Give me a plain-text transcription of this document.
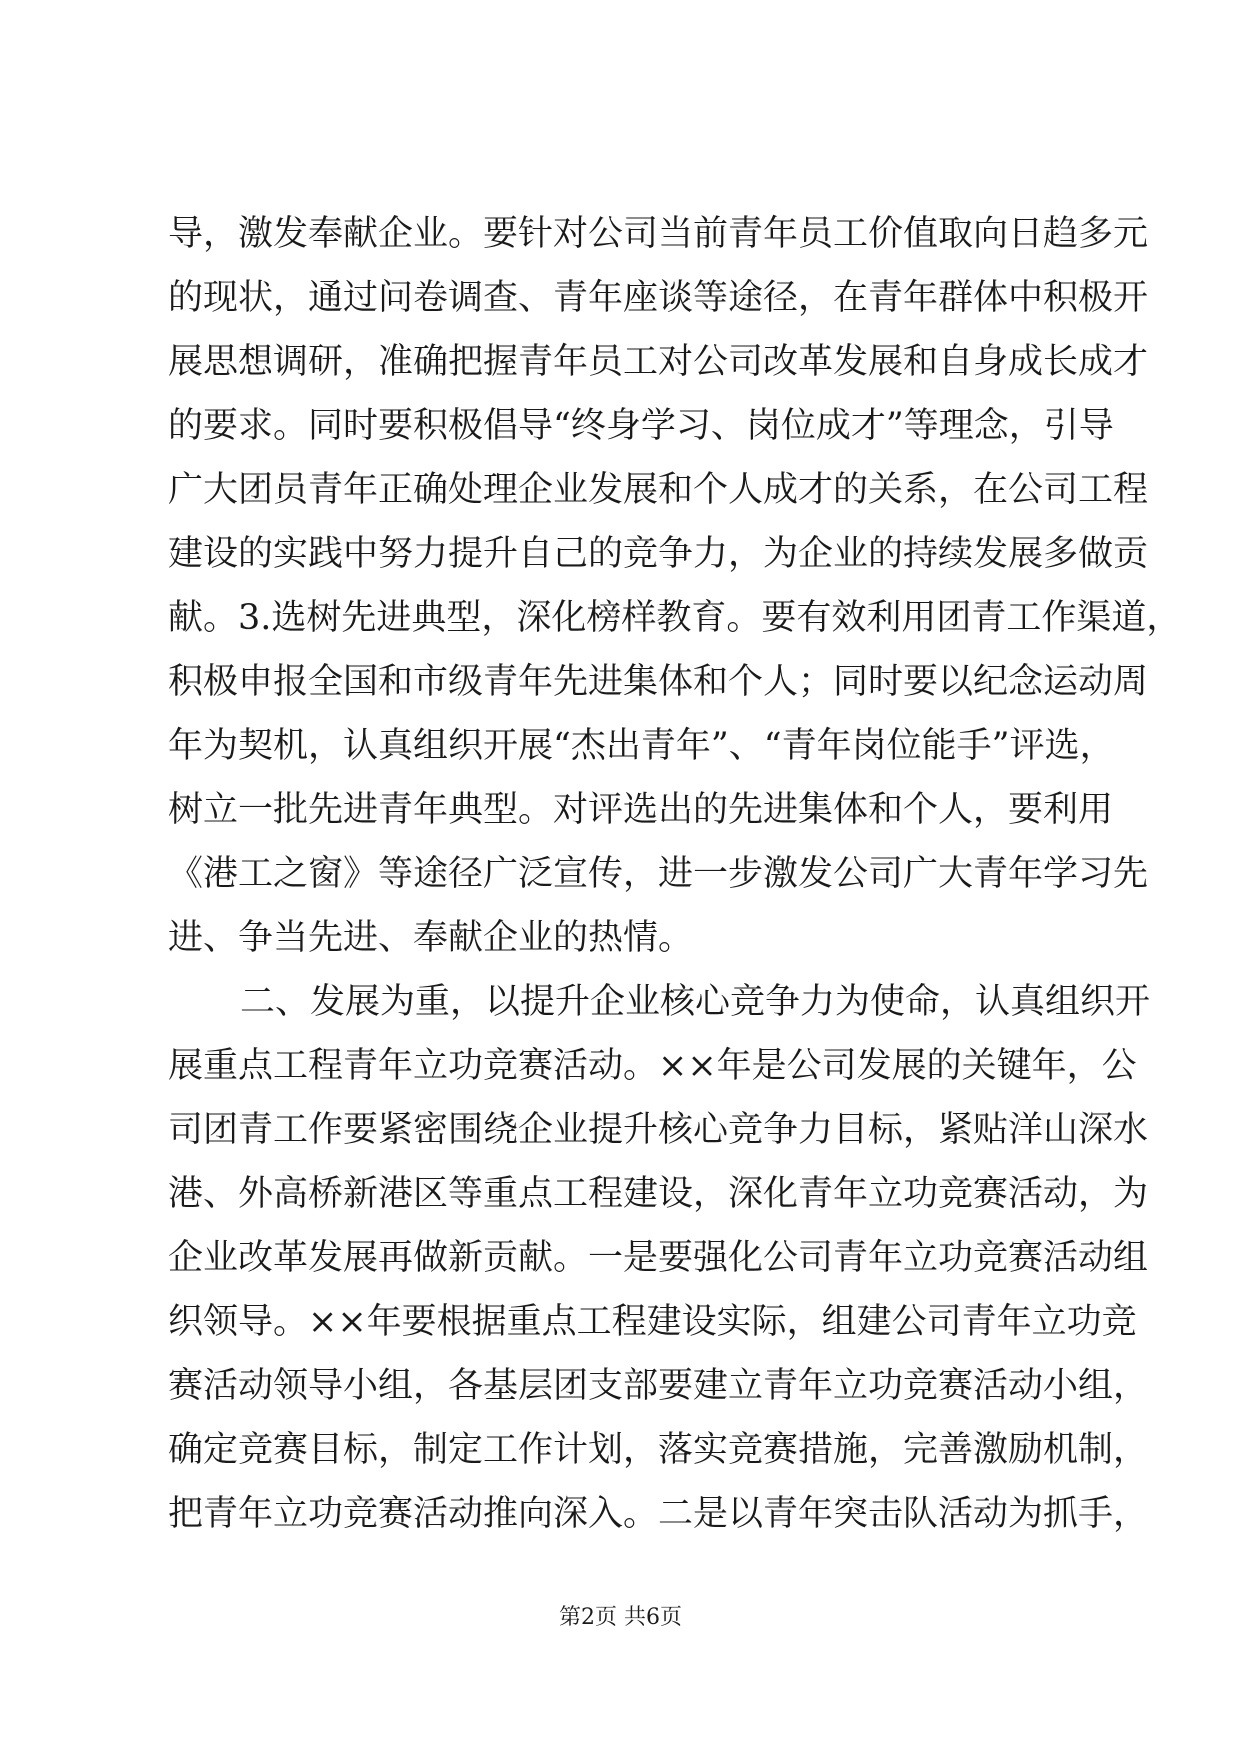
导，激发奉献企业。要针对公司当前青年员工价值取向日趋多元
的现状，通过问卷调查、青年座谈等途径，在青年群体中积极开
展思想调研，准确把握青年员工对公司改革发展和自身成长成才
的要求。同时要积极倡导“终身学习、岗位成才”等理念，引导
广大团员青年正确处理企业发展和个人成才的关系，在公司工程
建设的实践中努力提升自己的竞争力，为企业的持续发展多做贡
献。3.选树先进典型，深化榜样教育。要有效利用团青工作渠道，
积极申报全国和市级青年先进集体和个人；同时要以纪念运动周
年为契机，认真组织开展“杰出青年”、“青年岗位能手”评选，
树立一批先进青年典型。对评选出的先进集体和个人，要利用
《港工之窗》等途径广泛宣传，进一步激发公司广大青年学习先
进、争当先进、奉献企业的热情。
二、发展为重，以提升企业核心竞争力为使命，认真组织开
展重点工程青年立功竞赛活动。××年是公司发展的关键年，公
司团青工作要紧密围绕企业提升核心竞争力目标，紧贴洋山深水
港、外高桥新港区等重点工程建设，深化青年立功竞赛活动，为
企业改革发展再做新贡献。一是要强化公司青年立功竞赛活动组
织领导。××年要根据重点工程建设实际，组建公司青年立功竞
赛活动领导小组，各基层团支部要建立青年立功竞赛活动小组，
确定竞赛目标，制定工作计划，落实竞赛措施，完善激励机制，
把青年立功竞赛活动推向深入。二是以青年突击队活动为抓手，
第2页 共6页
